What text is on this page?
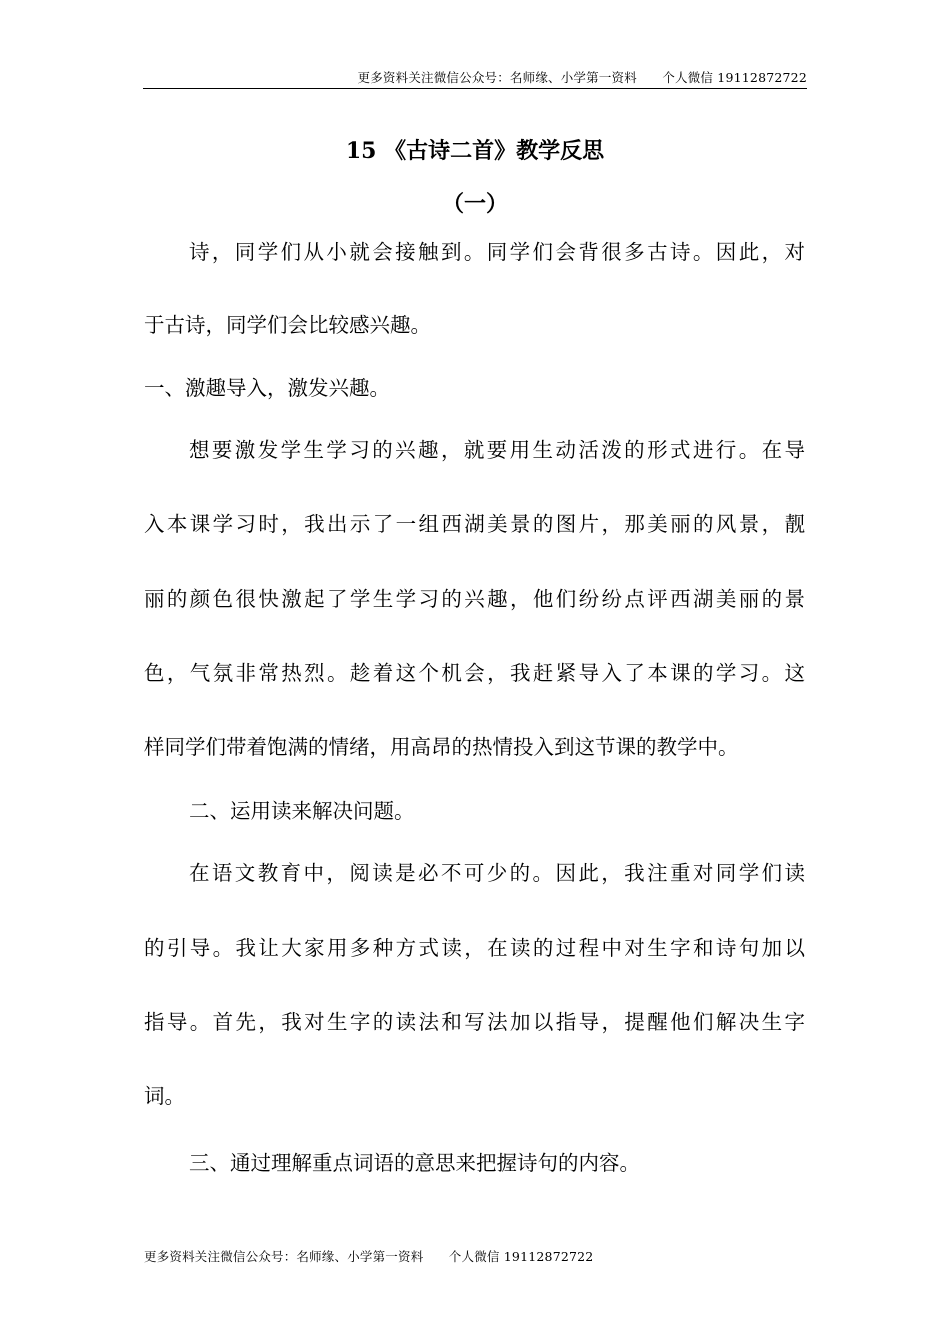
更多资料关注微信公众号：名师缘、小学第一资料　　个人微信 19112872722
15 《古诗二首》教学反思
（一）
诗，同学们从小就会接触到。同学们会背很多古诗。因此，对
于古诗，同学们会比较感兴趣。
一、激趣导入，激发兴趣。
想要激发学生学习的兴趣，就要用生动活泼的形式进行。在导
入本课学习时，我出示了一组西湖美景的图片，那美丽的风景，靓
丽的颜色很快激起了学生学习的兴趣，他们纷纷点评西湖美丽的景
色，气氛非常热烈。趁着这个机会，我赶紧导入了本课的学习。这
样同学们带着饱满的情绪，用高昂的热情投入到这节课的教学中。
二、运用读来解决问题。
在语文教育中，阅读是必不可少的。因此，我注重对同学们读
的引导。我让大家用多种方式读，在读的过程中对生字和诗句加以
指导。首先，我对生字的读法和写法加以指导，提醒他们解决生字
词。
三、通过理解重点词语的意思来把握诗句的内容。
更多资料关注微信公众号：名师缘、小学第一资料　　个人微信 19112872722
